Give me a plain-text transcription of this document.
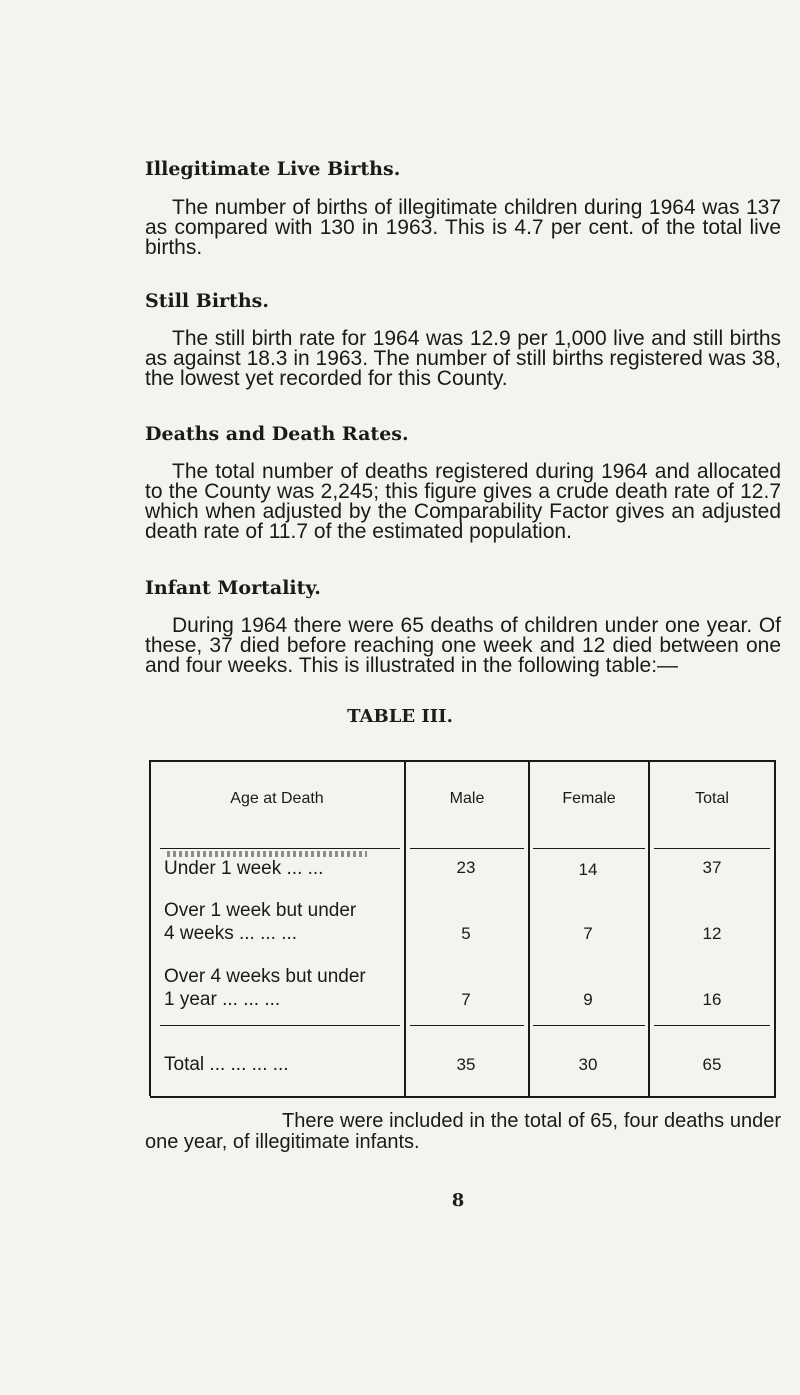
Illegitimate Live Births.

The number of births of illegitimate children during 1964 was 137 as compared with 130 in 1963. This is 4.7 per cent. of the total live births.

Still Births.

The still birth rate for 1964 was 12.9 per 1,000 live and still births as against 18.3 in 1963. The number of still births registered was 38, the lowest yet recorded for this County.

Deaths and Death Rates.

The total number of deaths registered during 1964 and allocated to the County was 2,245; this figure gives a crude death rate of 12.7 which when adjusted by the Comparability Factor gives an adjusted death rate of 11.7 of the estimated population.

Infant Mortality.

During 1964 there were 65 deaths of children under one year. Of these, 37 died before reaching one week and 12 died between one and four weeks. This is illustrated in the following table:—

TABLE III.
Age at Death	Male	Female	Total
Under 1 week ... ...	23	14	37
Over 1 week but under
4 weeks ... ... ...	5	7	12
Over 4 weeks but under
1 year ... ... ...	7	9	16
Total ... ... ... ...	35	30	65

There were included in the total of 65, four deaths under one year, of illegitimate infants.

8
